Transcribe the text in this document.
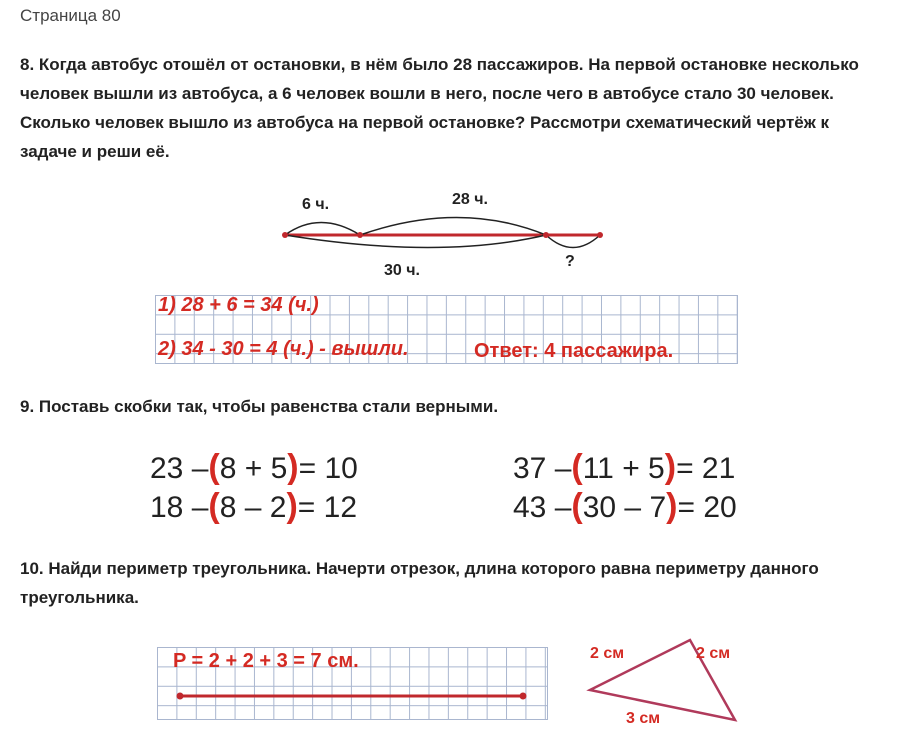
Страница 80
8. Когда автобус отошёл от остановки, в нём было 28 пассажиров. На первой остановке несколько человек вышли из автобуса, а 6 человек вошли в него, после чего в автобусе стало 30 человек. Сколько человек вышло из автобуса на первой остановке? Рассмотри схематический чертёж к задаче и реши её.
6 ч.	28 ч.
30 ч.
?
1) 28 + 6 = 34 (ч.)
2) 34 - 30 = 4 (ч.) - вышли.	Ответ: 4 пассажира.
9. Поставь скобки так, чтобы равенства стали верными.
23 –(8 + 5)= 10
18 –(8 – 2)= 12
37 –(11 + 5)= 21
43 –(30 – 7)= 20
10. Найди периметр треугольника. Начерти отрезок, длина которого равна периметру данного треугольника.
P = 2 + 2 + 3 = 7 см.	2 см	2 см
3 см
